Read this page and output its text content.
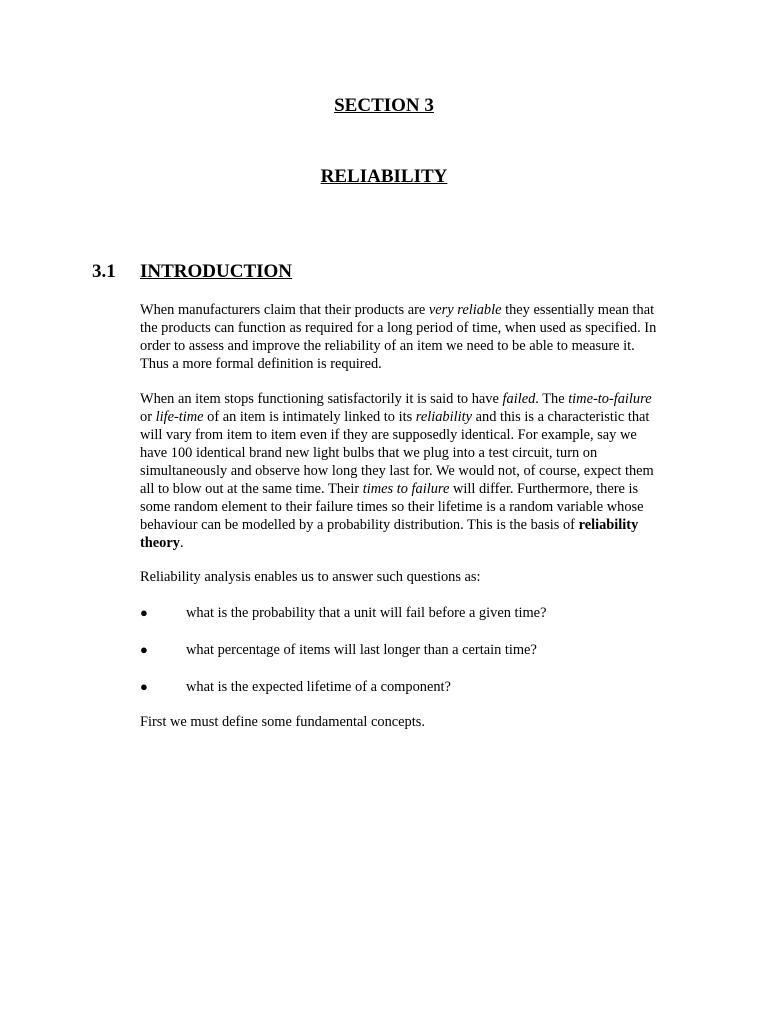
SECTION 3
RELIABILITY
3.1 INTRODUCTION

When manufacturers claim that their products are very reliable they essentially mean that
the products can function as required for a long period of time, when used as specified. In
order to assess and improve the reliability of an item we need to be able to measure it.
Thus a more formal definition is required.

When an item stops functioning satisfactorily it is said to have failed. The time-to-failure
or life-time of an item is intimately linked to its reliability and this is a characteristic that
will vary from item to item even if they are supposedly identical. For example, say we
have 100 identical brand new light bulbs that we plug into a test circuit, turn on
simultaneously and observe how long they last for. We would not, of course, expect them
all to blow out at the same time. Their times to failure will differ. Furthermore, there is
some random element to their failure times so their lifetime is a random variable whose
behaviour can be modelled by a probability distribution. This is the basis of reliability
theory.

Reliability analysis enables us to answer such questions as:

●	what is the probability that a unit will fail before a given time?
●	what percentage of items will last longer than a certain time?
●	what is the expected lifetime of a component?

First we must define some fundamental concepts.
